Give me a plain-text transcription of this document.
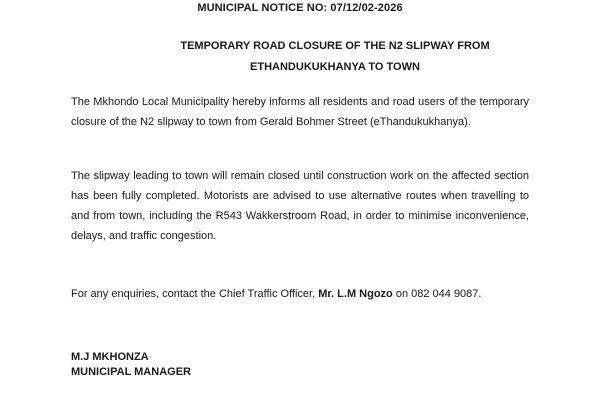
MUNICIPAL NOTICE NO: 07/12/02-2026
TEMPORARY ROAD CLOSURE OF THE N2 SLIPWAY FROM
ETHANDUKUKHANYA TO TOWN

The Mkhondo Local Municipality hereby informs all residents and road users of the temporary closure of the N2 slipway to town from Gerald Bohmer Street (eThandukukhanya).

The slipway leading to town will remain closed until construction work on the affected section has been fully completed. Motorists are advised to use alternative routes when travelling to and from town, including the R543 Wakkerstroom Road, in order to minimise inconvenience, delays, and traffic congestion.

For any enquiries, contact the Chief Traffic Officer, Mr. L.M Ngozo on 082 044 9087.

M.J MKHONZA
MUNICIPAL MANAGER
